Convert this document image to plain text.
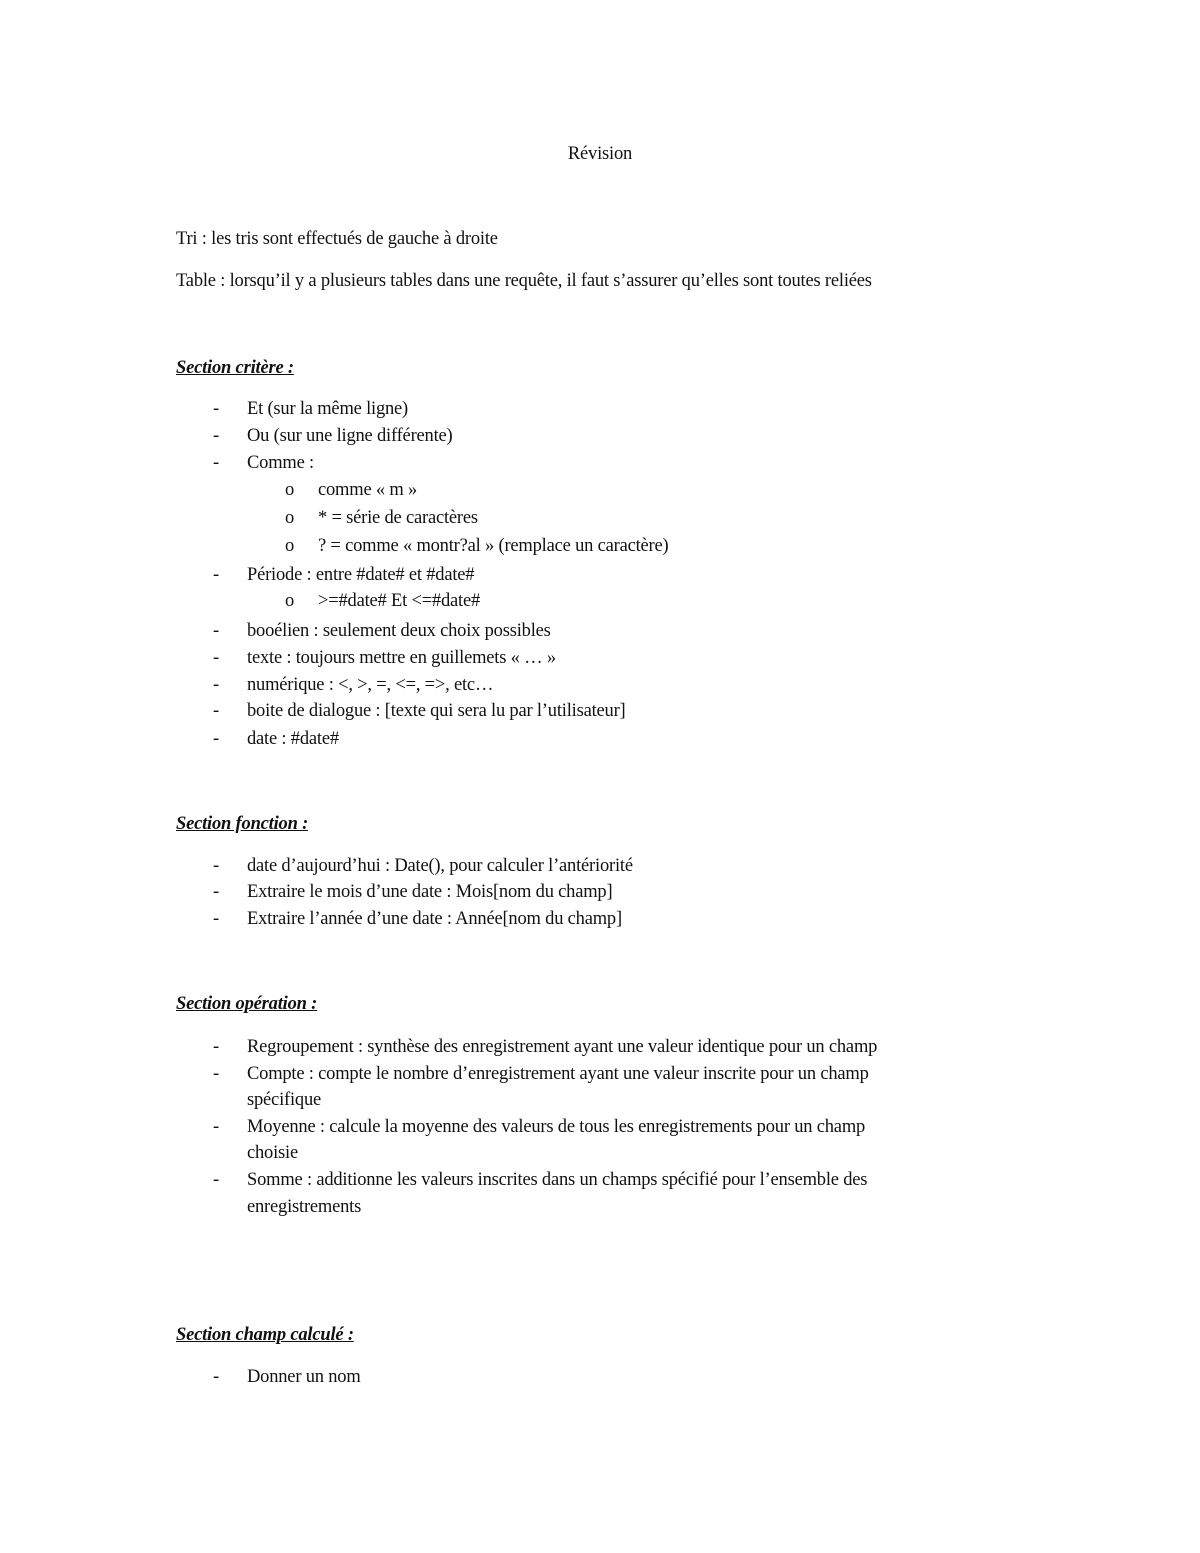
Révision
Tri : les tris sont effectués de gauche à droite
Table : lorsqu’il y a plusieurs tables dans une requête, il faut s’assurer qu’elles sont toutes reliées
Section critère :
- Et (sur la même ligne)
- Ou (sur une ligne différente)
- Comme :
o comme « m »
o * = série de caractères
o ? = comme « montr?al » (remplace un caractère)
- Période : entre #date# et #date#
o >=#date# Et <=#date#
- booélien : seulement deux choix possibles
- texte : toujours mettre en guillemets « … »
- numérique : <, >, =, <=, =>, etc…
- boite de dialogue : [texte qui sera lu par l’utilisateur]
- date : #date#
Section fonction :
- date d’aujourd’hui : Date(), pour calculer l’antériorité
- Extraire le mois d’une date : Mois[nom du champ]
- Extraire l’année d’une date : Année[nom du champ]
Section opération :
- Regroupement : synthèse des enregistrement ayant une valeur identique pour un champ
- Compte : compte le nombre d’enregistrement ayant une valeur inscrite pour un champ
spécifique
- Moyenne : calcule la moyenne des valeurs de tous les enregistrements pour un champ
choisie
- Somme : additionne les valeurs inscrites dans un champs spécifié pour l’ensemble des
enregistrements
Section champ calculé :
- Donner un nom
